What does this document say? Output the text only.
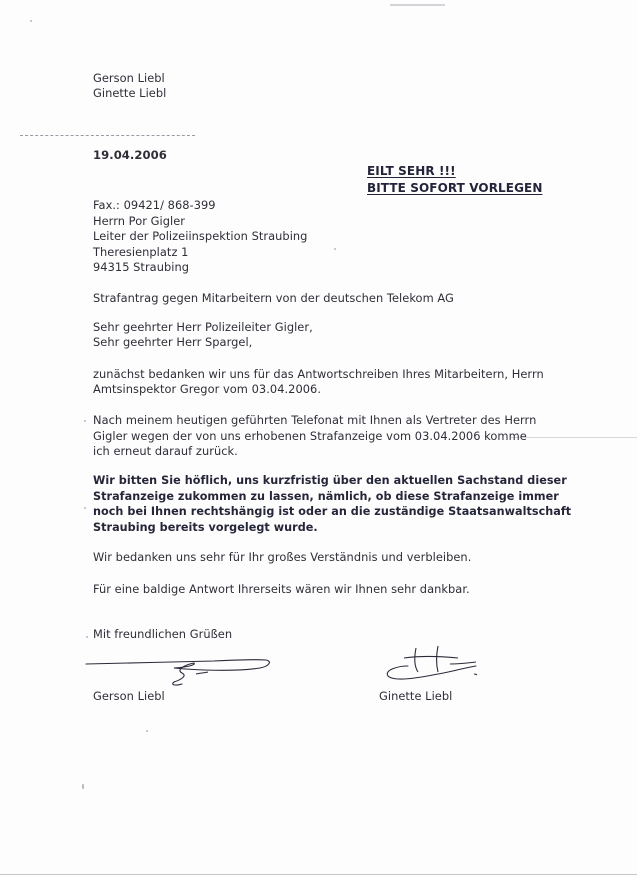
Gerson Liebl
Ginette Liebl
19.04.2006
EILT SEHR !!!
BITTE SOFORT VORLEGEN
Fax.: 09421/ 868-399
Herrn Por Gigler
Leiter der Polizeiinspektion Straubing
Theresienplatz 1
94315 Straubing
Strafantrag gegen Mitarbeitern von der deutschen Telekom AG
Sehr geehrter Herr Polizeileiter Gigler,
Sehr geehrter Herr Spargel,
zunächst bedanken wir uns für das Antwortschreiben Ihres Mitarbeitern, Herrn
Amtsinspektor Gregor vom 03.04.2006.
Nach meinem heutigen geführten Telefonat mit Ihnen als Vertreter des Herrn
Gigler wegen der von uns erhobenen Strafanzeige vom 03.04.2006 komme
ich erneut darauf zurück.
Wir bitten Sie höflich, uns kurzfristig über den aktuellen Sachstand dieser
Strafanzeige zukommen zu lassen, nämlich, ob diese Strafanzeige immer
noch bei Ihnen rechtshängig ist oder an die zuständige Staatsanwaltschaft
Straubing bereits vorgelegt wurde.
Wir bedanken uns sehr für Ihr großes Verständnis und verbleiben.
Für eine baldige Antwort Ihrerseits wären wir Ihnen sehr dankbar.
Mit freundlichen Grüßen
Gerson Liebl	Ginette Liebl
